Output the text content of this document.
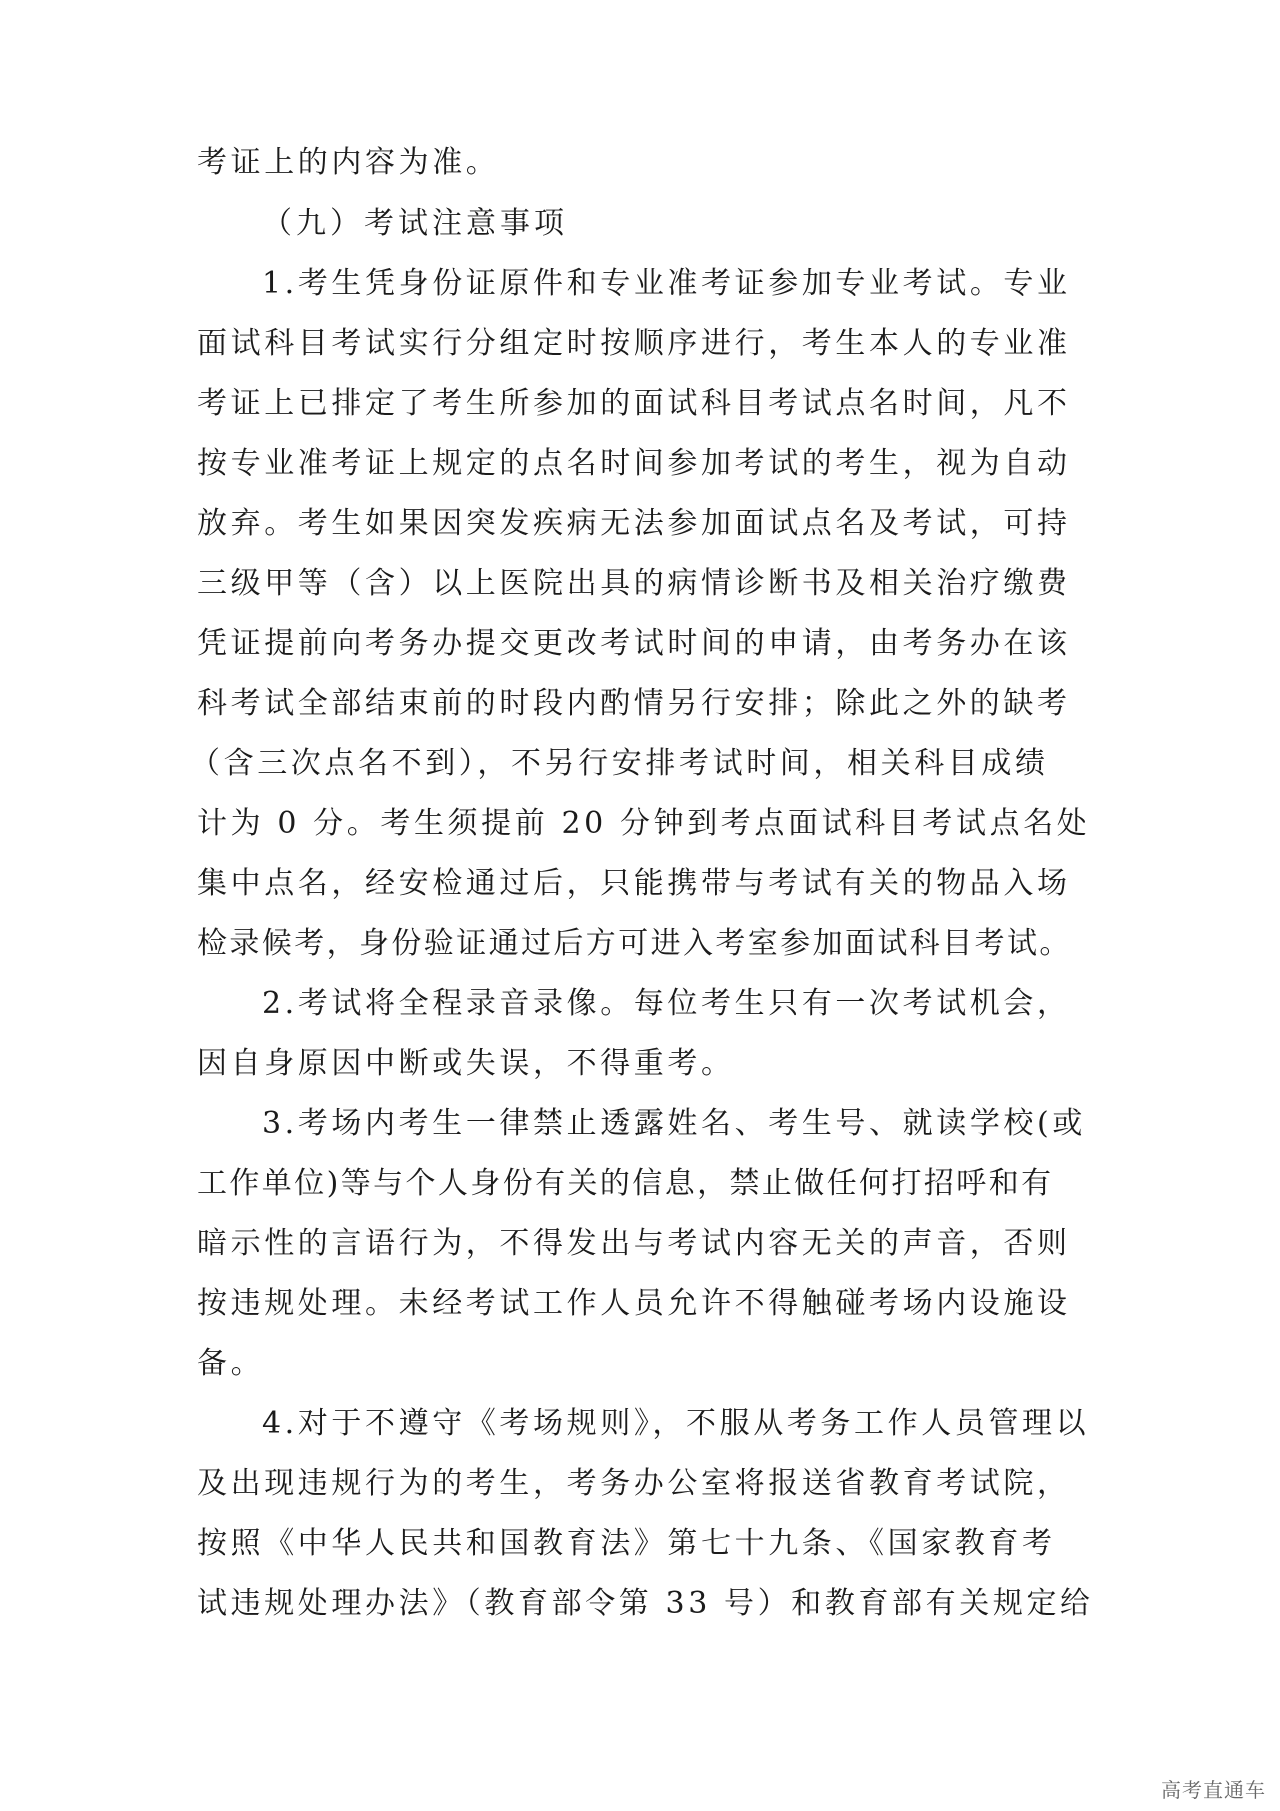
考证上的内容为准。
（九）考试注意事项
1.考生凭身份证原件和专业准考证参加专业考试。专业
面试科目考试实行分组定时按顺序进行，考生本人的专业准
考证上已排定了考生所参加的面试科目考试点名时间，凡不
按专业准考证上规定的点名时间参加考试的考生，视为自动
放弃。考生如果因突发疾病无法参加面试点名及考试，可持
三级甲等（含）以上医院出具的病情诊断书及相关治疗缴费
凭证提前向考务办提交更改考试时间的申请，由考务办在该
科考试全部结束前的时段内酌情另行安排；除此之外的缺考
（含三次点名不到），不另行安排考试时间，相关科目成绩
计为 0 分。考生须提前 20 分钟到考点面试科目考试点名处
集中点名，经安检通过后，只能携带与考试有关的物品入场
检录候考，身份验证通过后方可进入考室参加面试科目考试。
2.考试将全程录音录像。每位考生只有一次考试机会，
因自身原因中断或失误，不得重考。
3.考场内考生一律禁止透露姓名、考生号、就读学校(或
工作单位)等与个人身份有关的信息，禁止做任何打招呼和有
暗示性的言语行为，不得发出与考试内容无关的声音，否则
按违规处理。未经考试工作人员允许不得触碰考场内设施设
备。
4.对于不遵守《考场规则》，不服从考务工作人员管理以
及出现违规行为的考生，考务办公室将报送省教育考试院，
按照《中华人民共和国教育法》第七十九条、《国家教育考
试违规处理办法》（教育部令第 33 号）和教育部有关规定给
高考直通车
